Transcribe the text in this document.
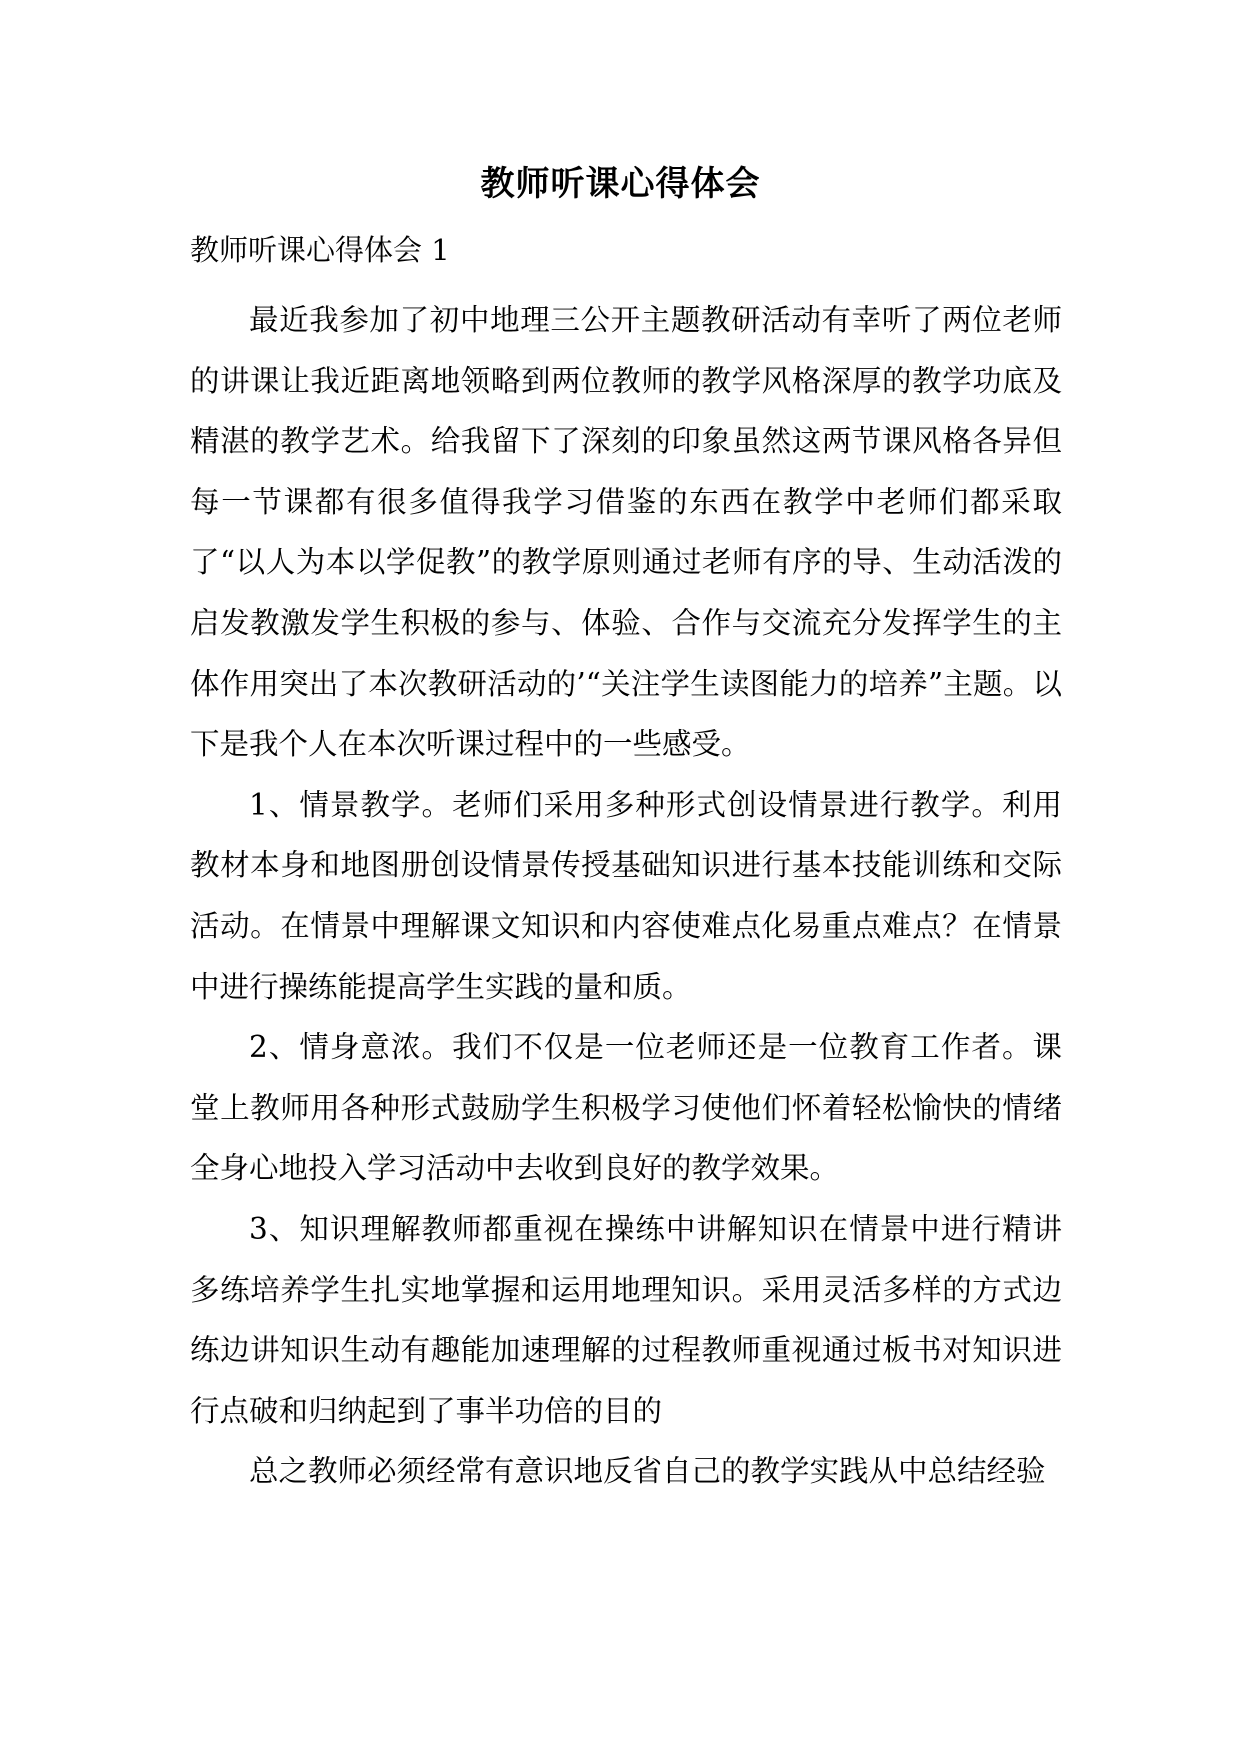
教师听课心得体会
教师听课心得体会 1

最近我参加了初中地理三公开主题教研活动有幸听了两位老师的讲课让我近距离地领略到两位教师的教学风格深厚的教学功底及精湛的教学艺术。给我留下了深刻的印象虽然这两节课风格各异但每一节课都有很多值得我学习借鉴的东西在教学中老师们都采取了“以人为本以学促教”的教学原则通过老师有序的导、生动活泼的启发教激发学生积极的参与、体验、合作与交流充分发挥学生的主体作用突出了本次教研活动的’“关注学生读图能力的培养”主题。以下是我个人在本次听课过程中的一些感受。

1、情景教学。老师们采用多种形式创设情景进行教学。利用教材本身和地图册创设情景传授基础知识进行基本技能训练和交际活动。在情景中理解课文知识和内容使难点化易重点难点？在情景中进行操练能提高学生实践的量和质。

2、情身意浓。我们不仅是一位老师还是一位教育工作者。课堂上教师用各种形式鼓励学生积极学习使他们怀着轻松愉快的情绪全身心地投入学习活动中去收到良好的教学效果。

3、知识理解教师都重视在操练中讲解知识在情景中进行精讲多练培养学生扎实地掌握和运用地理知识。采用灵活多样的方式边练边讲知识生动有趣能加速理解的过程教师重视通过板书对知识进行点破和归纳起到了事半功倍的目的

总之教师必须经常有意识地反省自己的教学实践从中总结经验
